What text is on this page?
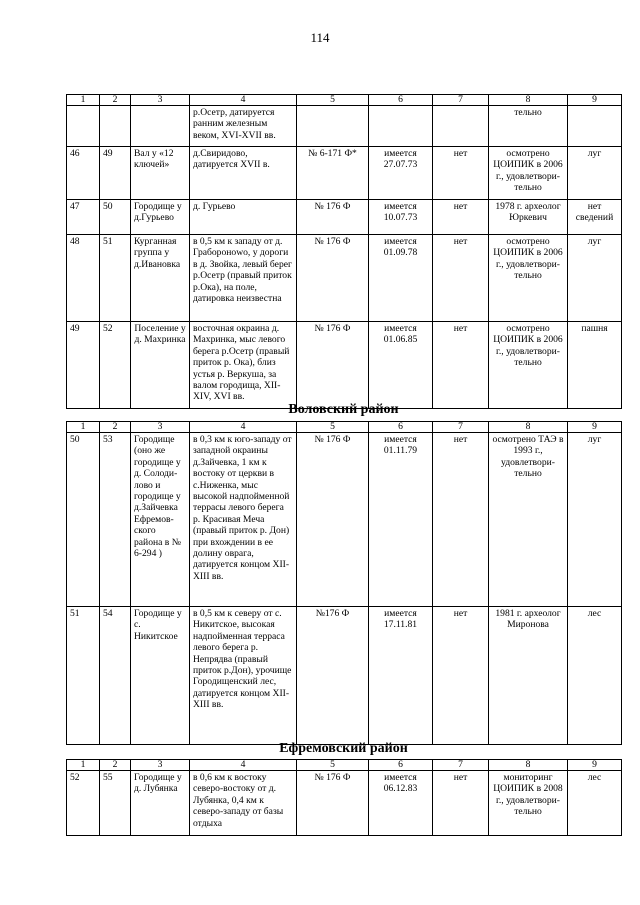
114
1	2	3	4	5	6	7	8	9
			р.Осетр, датируется ранним железным веком, XVI-XVII вв.				тельно	
46	49	Вал у «12 ключей»	д.Свиридово, датируется XVII в.	№ 6-171 Ф*	имеется 27.07.73	нет	осмотрено ЦОИПИК в 2006 г., удовлетвори-тельно	луг
47	50	Городище у д.Гурьево	д. Гурьево	№ 176 Ф	имеется 10.07.73	нет	1978 г. археолог Юркевич	нет сведений
48	51	Курганная группа у д.Ивановка	в 0,5 км к западу от д. Граборонowo, у дороги в д. Звойка, левый берег р.Осетр (правый приток р.Ока), на поле, датировка неизвестна	№ 176 Ф	имеется 01.09.78	нет	осмотрено ЦОИПИК в 2006 г., удовлетвори-тельно	луг
49	52	Поселение у д. Махринка	восточная окраина д. Махринка, мыс левого берега р.Осетр (правый приток р. Ока), близ устья р. Веркуша, за валом городища, XII-XIV, XVI вв.	№ 176 Ф	имеется 01.06.85	нет	осмотрено ЦОИПИК в 2006 г., удовлетвори-тельно	пашня
Воловский район
1	2	3	4	5	6	7	8	9
50	53	Городище (оно же городище у д. Солоди-лово и городище у д.Зайчевка Ефремов-ского района в № 6-294 )	в 0,3 км к юго-западу от западной окраины д.Зайчевка, 1 км к востоку от церкви в с.Ниженка, мыс высокой надпойменной террасы левого берега р. Красивая Меча (правый приток р. Дон) при вхождении в ее долину оврага, датируется концом XII-XIII вв.	№ 176 Ф	имеется 01.11.79	нет	осмотрено ТАЭ в 1993 г., удовлетвори-тельно	луг
51	54	Городище у с. Никитское	в 0,5 км к северу от с. Никитское, высокая надпойменная терраса левого берега р. Непрядва (правый приток р.Дон), урочище Городищенский лес, датируется концом XII-XIII вв.	№176 Ф	имеется 17.11.81	нет	1981 г. археолог Миронова	лес
Ефремовский район
1	2	3	4	5	6	7	8	9
52	55	Городище у д. Лубянка	в 0,6 км к востоку северо-востоку от д. Лубянка, 0,4 км к северо-западу от базы отдыха	№ 176 Ф	имеется 06.12.83	нет	мониторинг ЦОИПИК в 2008 г., удовлетвори-тельно	лес
